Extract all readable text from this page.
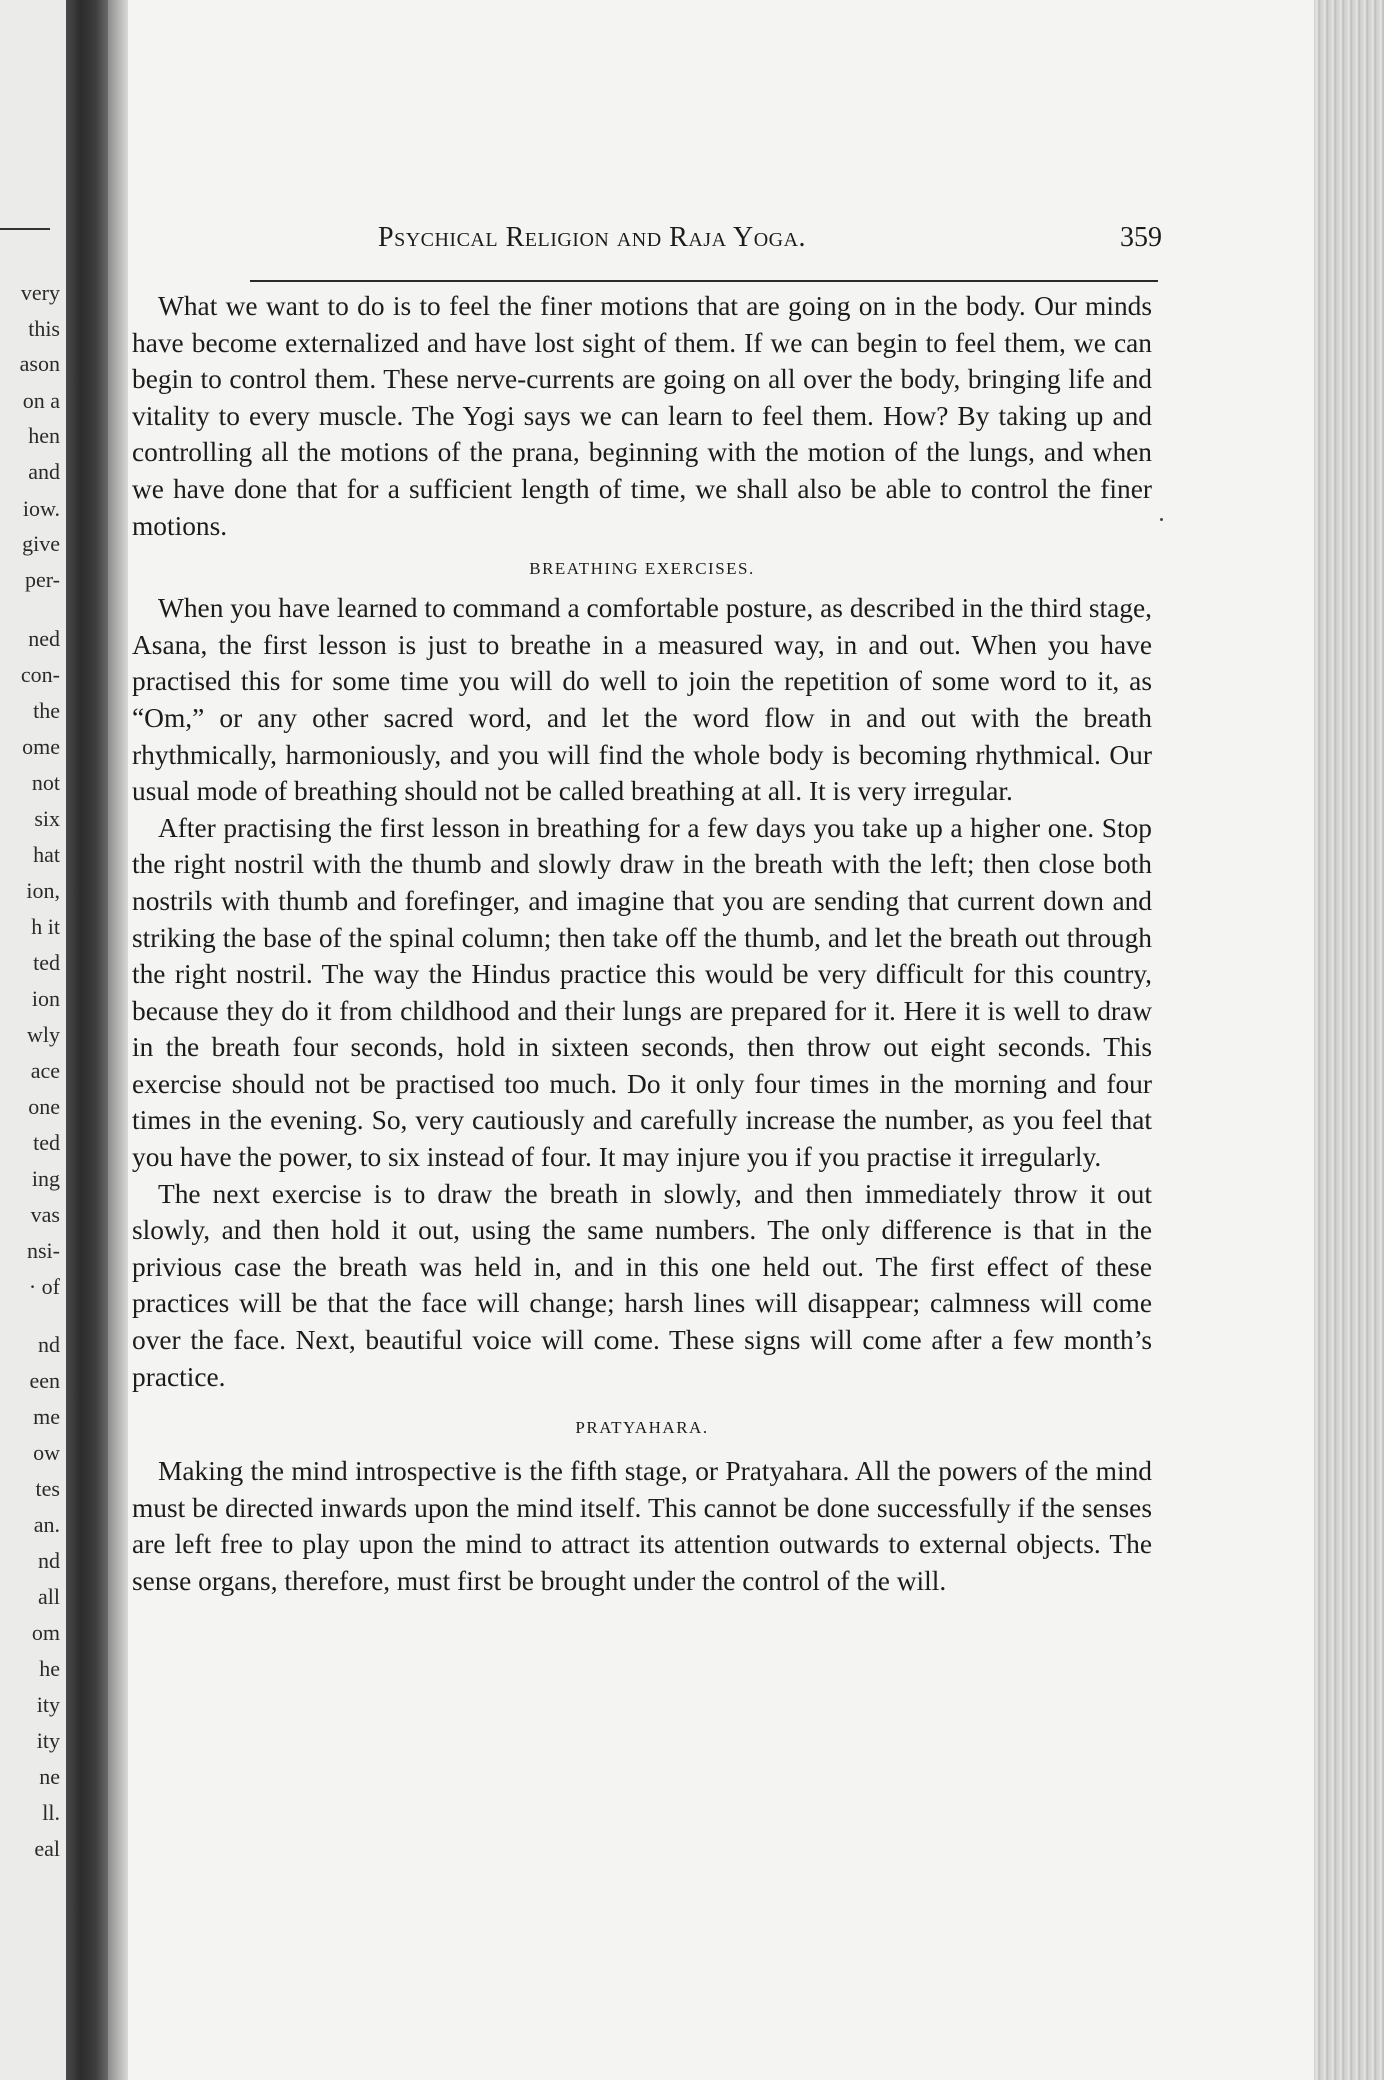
very
this
ason
on a
hen
and
iow.
give
per-
ned
con-
the
ome
not
six
hat
ion,
h it
ted
ion
wly
ace
one
ted
ing
vas
nsi-
· of
nd
een
me
ow
tes
an.
nd
all
om
he
ity
ity
ne
ll.
eal
Psychical Religion and Raja Yoga.	359

What we want to do is to feel the finer motions that are going on in the body. Our minds have become externalized and have lost sight of them. If we can begin to feel them, we can begin to control them. These nerve-currents are going on all over the body, bringing life and vitality to every muscle. The Yogi says we can learn to feel them. How? By taking up and controlling all the motions of the prana, beginning with the motion of the lungs, and when we have done that for a sufficient length of time, we shall also be able to control the finer motions.

BREATHING EXERCISES.

When you have learned to command a comfortable posture, as described in the third stage, Asana, the first lesson is just to breathe in a measured way, in and out. When you have practised this for some time you will do well to join the repetition of some word to it, as “Om,” or any other sacred word, and let the word flow in and out with the breath rhythmically, harmoniously, and you will find the whole body is becoming rhythmical. Our usual mode of breathing should not be called breathing at all. It is very irregular.

After practising the first lesson in breathing for a few days you take up a higher one. Stop the right nostril with the thumb and slowly draw in the breath with the left; then close both nostrils with thumb and forefinger, and imagine that you are sending that current down and striking the base of the spinal column; then take off the thumb, and let the breath out through the right nostril. The way the Hindus practice this would be very difficult for this country, because they do it from childhood and their lungs are prepared for it. Here it is well to draw in the breath four seconds, hold in sixteen seconds, then throw out eight seconds. This exercise should not be practised too much. Do it only four times in the morning and four times in the evening. So, very cautiously and carefully increase the number, as you feel that you have the power, to six instead of four. It may injure you if you practise it irregularly.

The next exercise is to draw the breath in slowly, and then immediately throw it out slowly, and then hold it out, using the same numbers. The only difference is that in the privious case the breath was held in, and in this one held out. The first effect of these practices will be that the face will change; harsh lines will disappear; calmness will come over the face. Next, beautiful voice will come. These signs will come after a few month’s practice.

PRATYAHARA.

Making the mind introspective is the fifth stage, or Pratyahara. All the powers of the mind must be directed inwards upon the mind itself. This cannot be done successfully if the senses are left free to play upon the mind to attract its attention outwards to external objects. The sense organs, therefore, must first be brought under the control of the will.
